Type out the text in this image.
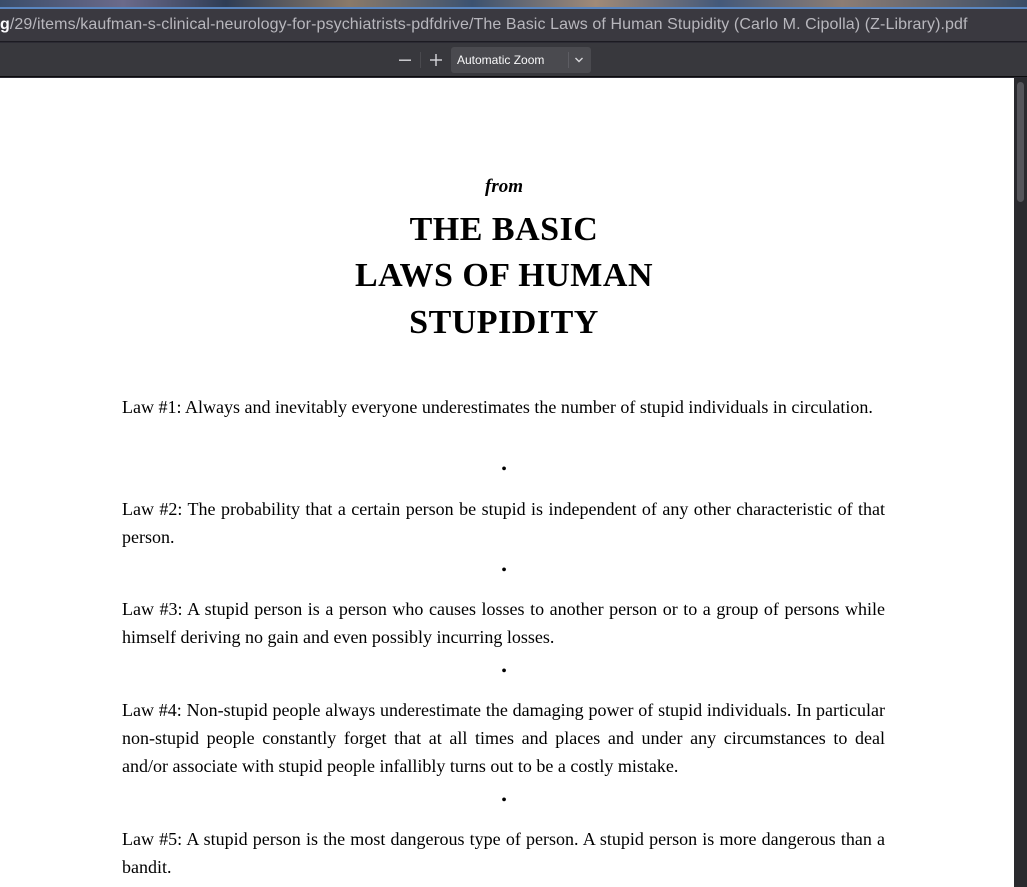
g /29/items/kaufman-s-clinical-neurology-for-psychiatrists-pdfdrive/The Basic Laws of Human Stupidity (Carlo M. Cipolla) (Z-Library).pdf
Automatic Zoom
from
THE BASIC
LAWS OF HUMAN
STUPIDITY

Law #1: Always and inevitably everyone underestimates the number of stupid individuals in circulation.

•

Law #2: The probability that a certain person be stupid is independent of any other characteristic of that person.

•

Law #3: A stupid person is a person who causes losses to another person or to a group of persons while himself deriving no gain and even possibly incurring losses.

•

Law #4: Non-stupid people always underestimate the damaging power of stupid individuals. In particular non-stupid people constantly forget that at all times and places and under any circumstances to deal and/or associate with stupid people infallibly turns out to be a costly mistake.

•

Law #5: A stupid person is the most dangerous type of person. A stupid person is more dangerous than a bandit.
